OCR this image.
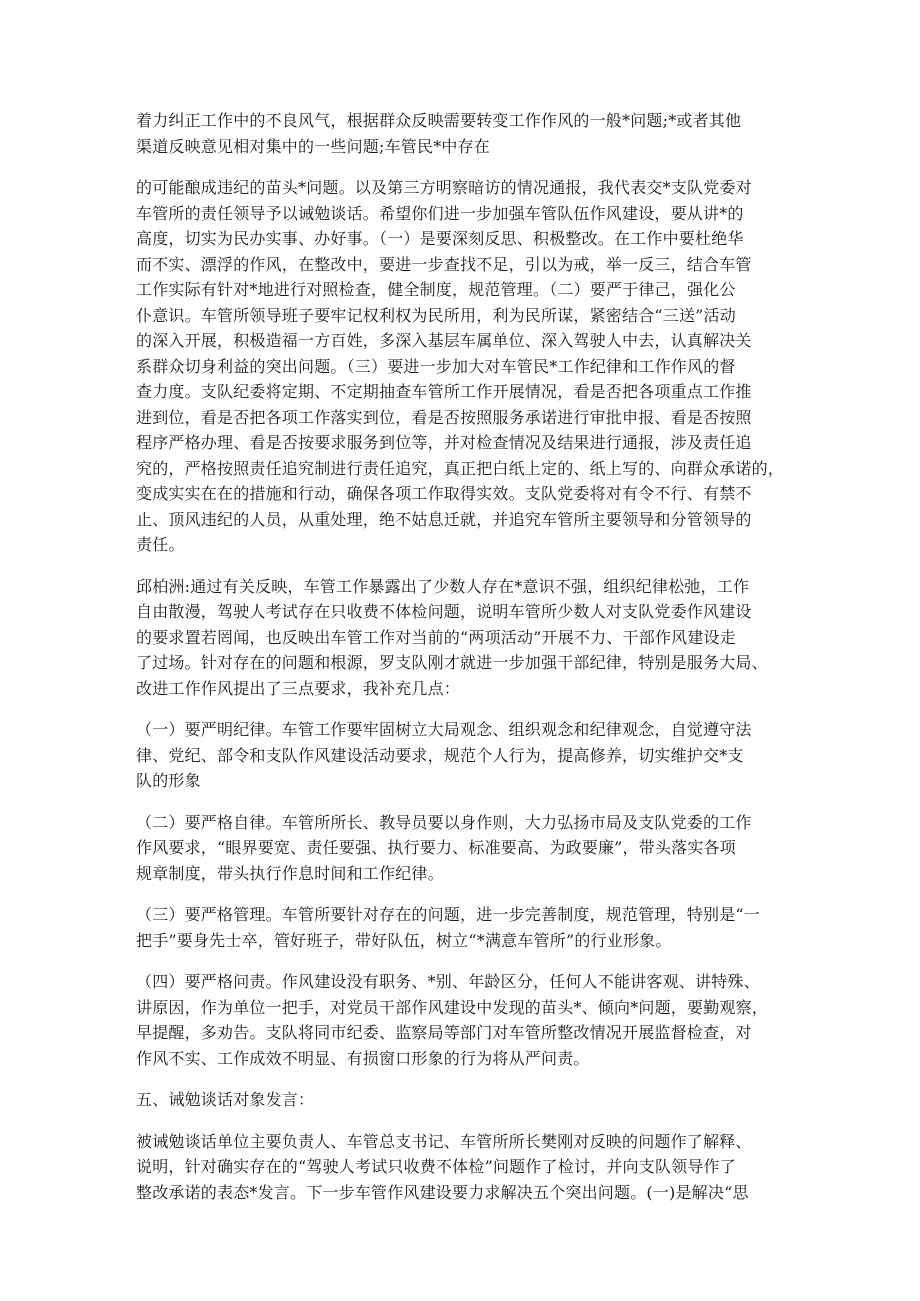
着力纠正工作中的不良风气，根据群众反映需要转变工作作风的一般*问题;*或者其他
渠道反映意见相对集中的一些问题;车管民*中存在

的可能酿成违纪的苗头*问题。以及第三方明察暗访的情况通报，我代表交*支队党委对
车管所的责任领导予以诫勉谈话。希望你们进一步加强车管队伍作风建设，要从讲*的
高度，切实为民办实事、办好事。（一）是要深刻反思、积极整改。在工作中要杜绝华
而不实、漂浮的作风，在整改中，要进一步查找不足，引以为戒，举一反三，结合车管
工作实际有针对*地进行对照检查，健全制度，规范管理。（二）要严于律己，强化公
仆意识。车管所领导班子要牢记权利权为民所用，利为民所谋，紧密结合“三送”活动
的深入开展，积极造福一方百姓，多深入基层车属单位、深入驾驶人中去，认真解决关
系群众切身利益的突出问题。（三）要进一步加大对车管民*工作纪律和工作作风的督
查力度。支队纪委将定期、不定期抽查车管所工作开展情况，看是否把各项重点工作推
进到位，看是否把各项工作落实到位，看是否按照服务承诺进行审批申报、看是否按照
程序严格办理、看是否按要求服务到位等，并对检查情况及结果进行通报，涉及责任追
究的，严格按照责任追究制进行责任追究，真正把白纸上定的、纸上写的、向群众承诺的，
变成实实在在的措施和行动，确保各项工作取得实效。支队党委将对有令不行、有禁不
止、顶风违纪的人员，从重处理，绝不姑息迁就，并追究车管所主要领导和分管领导的
责任。

邱柏洲:通过有关反映，车管工作暴露出了少数人存在*意识不强，组织纪律松弛，工作
自由散漫，驾驶人考试存在只收费不体检问题，说明车管所少数人对支队党委作风建设
的要求置若罔闻，也反映出车管工作对当前的“两项活动”开展不力、干部作风建设走
了过场。针对存在的问题和根源，罗支队刚才就进一步加强干部纪律，特别是服务大局、
改进工作作风提出了三点要求，我补充几点：

（一）要严明纪律。车管工作要牢固树立大局观念、组织观念和纪律观念，自觉遵守法
律、党纪、部令和支队作风建设活动要求，规范个人行为，提高修养，切实维护交*支
队的形象

（二）要严格自律。车管所所长、教导员要以身作则，大力弘扬市局及支队党委的工作
作风要求，“眼界要宽、责任要强、执行要力、标准要高、为政要廉”，带头落实各项
规章制度，带头执行作息时间和工作纪律。

（三）要严格管理。车管所要针对存在的问题，进一步完善制度，规范管理，特别是“一
把手”要身先士卒，管好班子，带好队伍，树立“*满意车管所”的行业形象。

（四）要严格问责。作风建设没有职务、*别、年龄区分，任何人不能讲客观、讲特殊、
讲原因，作为单位一把手，对党员干部作风建设中发现的苗头*、倾向*问题，要勤观察，
早提醒，多劝告。支队将同市纪委、监察局等部门对车管所整改情况开展监督检查，对
作风不实、工作成效不明显、有损窗口形象的行为将从严问责。

五、诫勉谈话对象发言：

被诫勉谈话单位主要负责人、车管总支书记、车管所所长樊刚对反映的问题作了解释、
说明，针对确实存在的“驾驶人考试只收费不体检”问题作了检讨，并向支队领导作了
整改承诺的表态*发言。下一步车管作风建设要力求解决五个突出问题。(一)是解决“思
